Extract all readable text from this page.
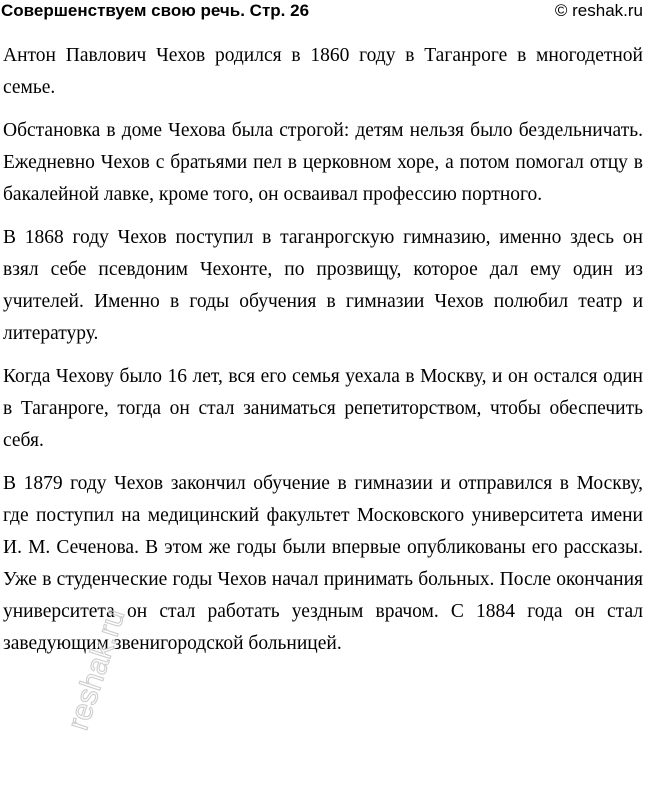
Совершенствуем свою речь. Стр. 26	© reshak.ru

Антон Павлович Чехов родился в 1860 году в Таганроге в многодетной семье.

Обстановка в доме Чехова была строгой: детям нельзя было бездельничать. Ежедневно Чехов с братьями пел в церковном хоре, а потом помогал отцу в бакалейной лавке, кроме того, он осваивал профессию портного.

В 1868 году Чехов поступил в таганрогскую гимназию, именно здесь он взял себе псевдоним Чехонте, по прозвищу, которое дал ему один из учителей. Именно в годы обучения в гимназии Чехов полюбил театр и литературу.

Когда Чехову было 16 лет, вся его семья уехала в Москву, и он остался один в Таганроге, тогда он стал заниматься репетиторством, чтобы обеспечить себя.

В 1879 году Чехов закончил обучение в гимназии и отправился в Москву, где поступил на медицинский факультет Московского университета имени И. М. Сеченова. В этом же годы были впервые опубликованы его рассказы. Уже в студенческие годы Чехов начал принимать больных. После окончания университета он стал работать уездным врачом. С 1884 года он стал заведующим звенигородской больницей.

reshak.ru
